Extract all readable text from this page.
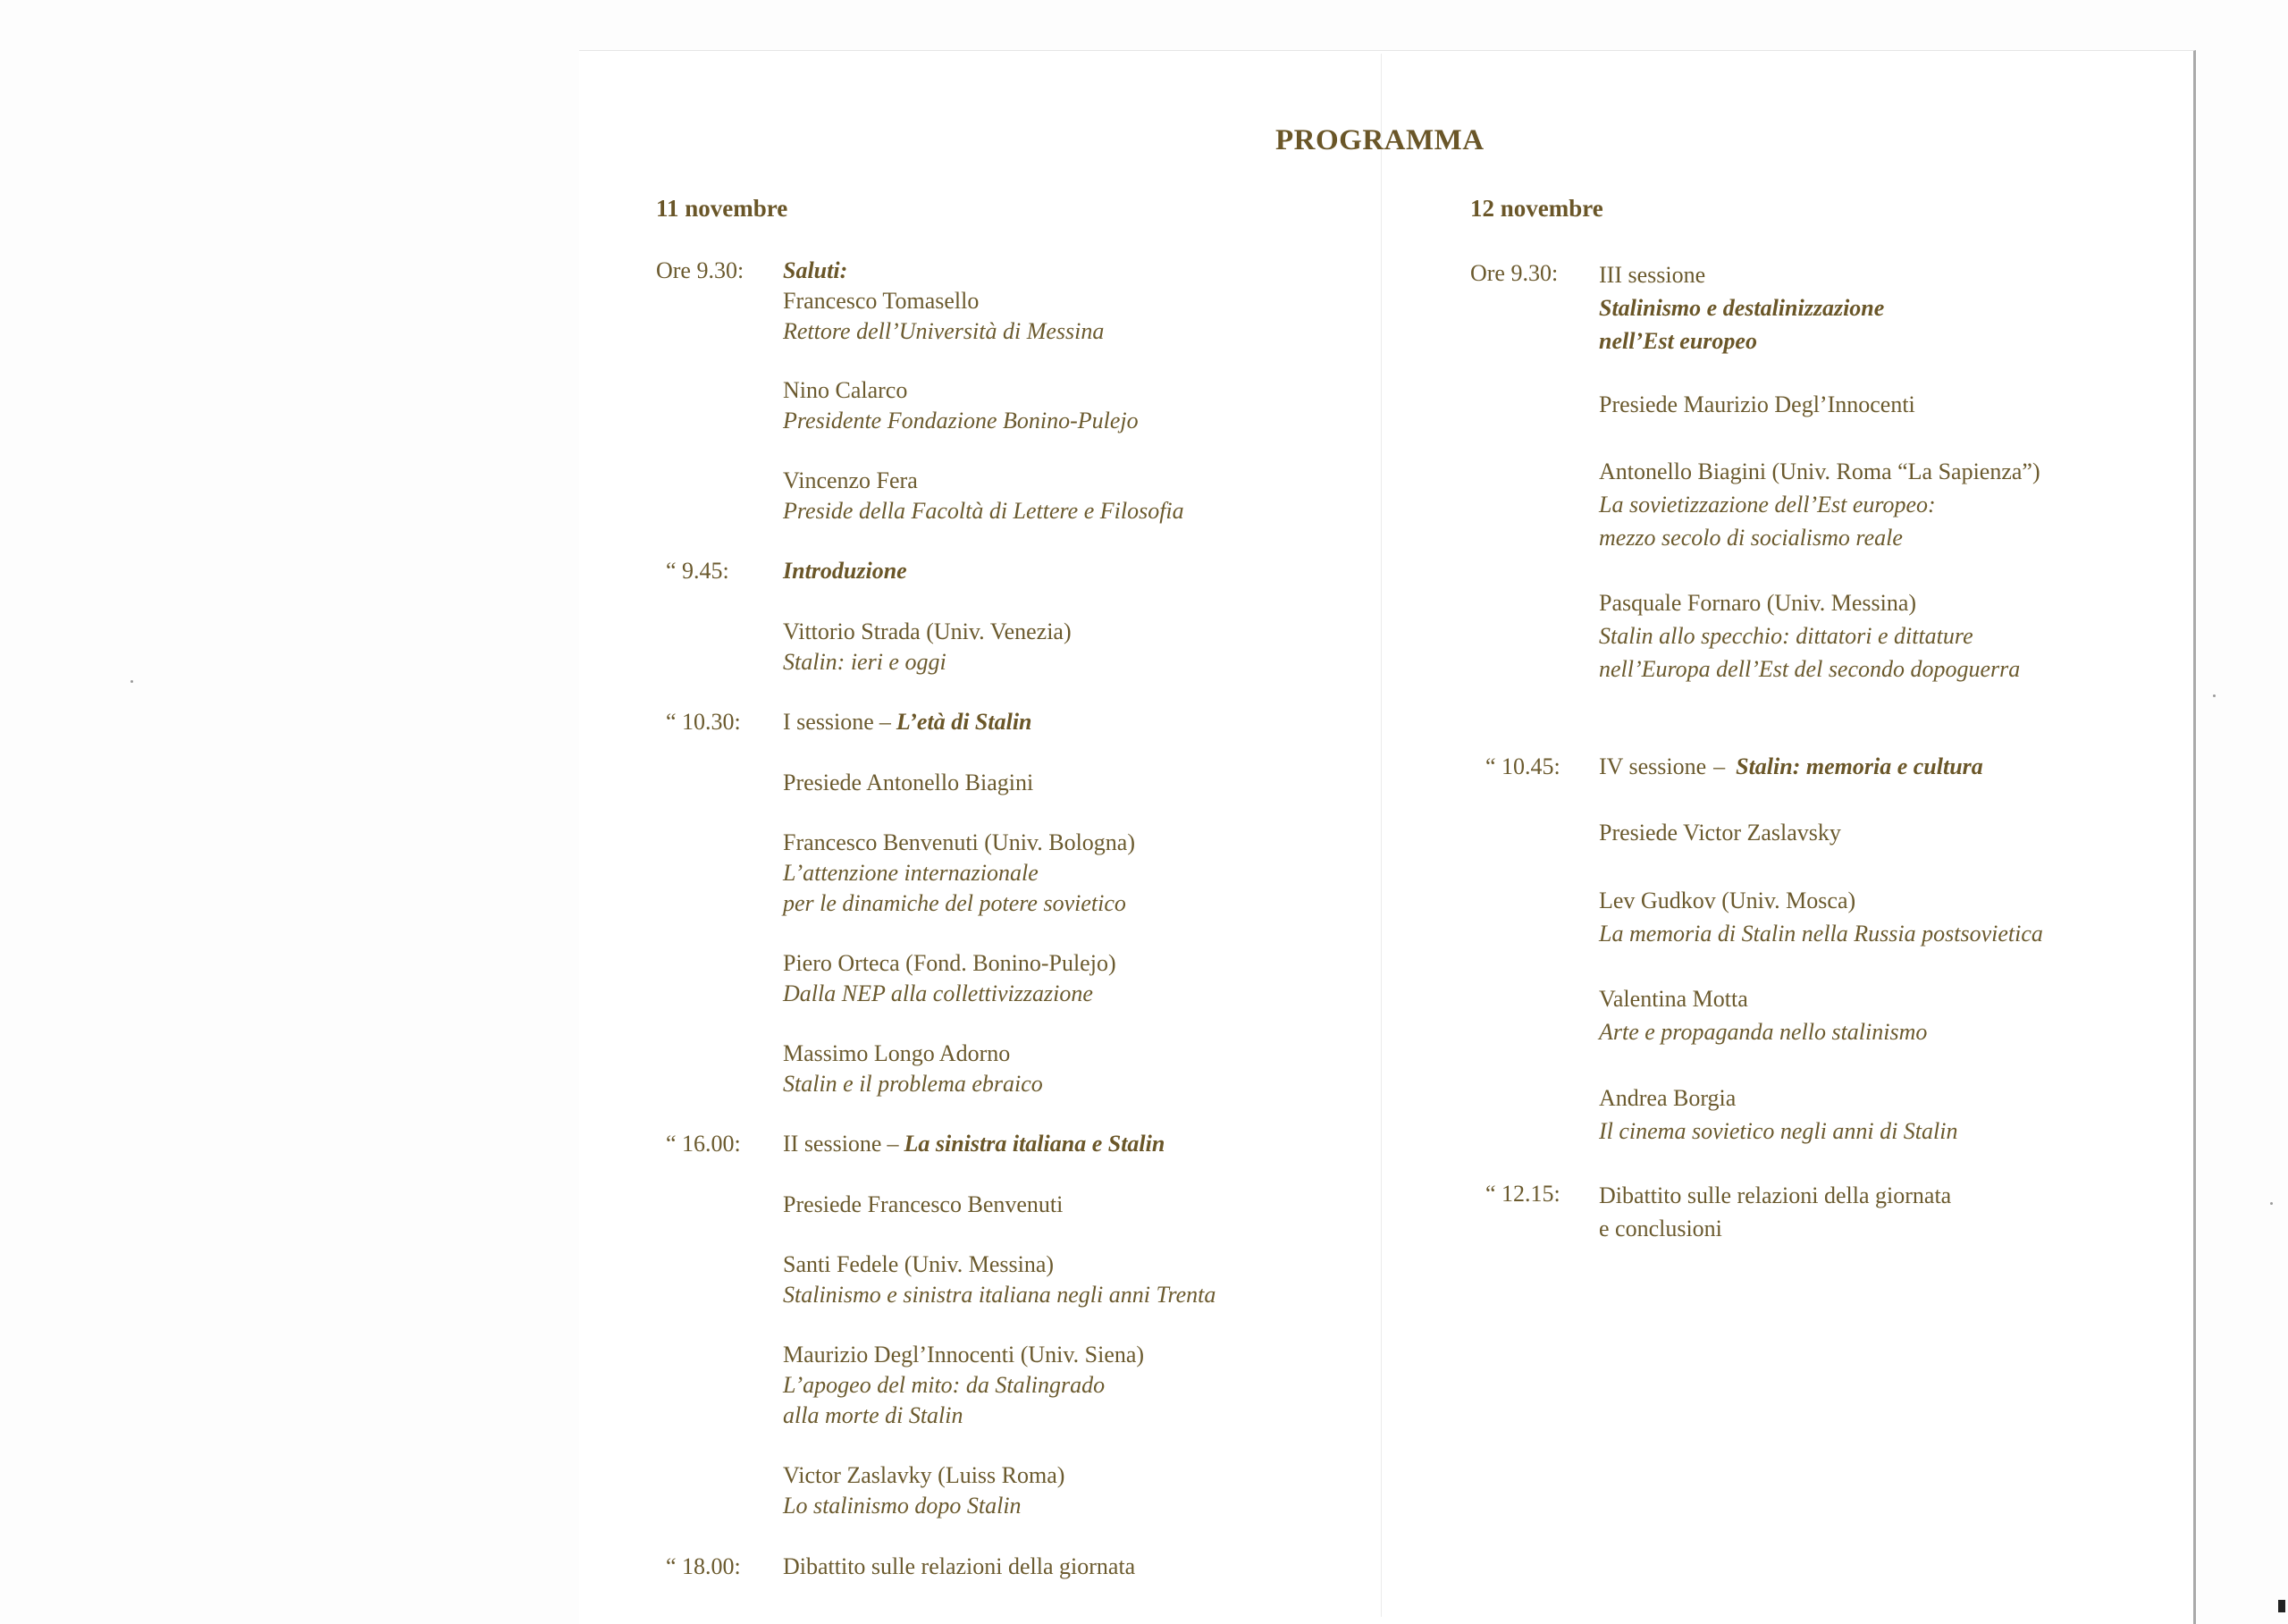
PROGRAMMA
11 novembre
Ore 9.30: Saluti:
Francesco Tomasello
Rettore dell’Università di Messina
Nino Calarco
Presidente Fondazione Bonino-Pulejo
Vincenzo Fera
Preside della Facoltà di Lettere e Filosofia
“ 9.45: Introduzione
Vittorio Strada (Univ. Venezia)
Stalin: ieri e oggi
“ 10.30: I sessione – L’età di Stalin
Presiede Antonello Biagini
Francesco Benvenuti (Univ. Bologna)
L’attenzione internazionale
per le dinamiche del potere sovietico
Piero Orteca (Fond. Bonino-Pulejo)
Dalla NEP alla collettivizzazione
Massimo Longo Adorno
Stalin e il problema ebraico
“ 16.00: II sessione – La sinistra italiana e Stalin
Presiede Francesco Benvenuti
Santi Fedele (Univ. Messina)
Stalinismo e sinistra italiana negli anni Trenta
Maurizio Degl’Innocenti (Univ. Siena)
L’apogeo del mito: da Stalingrado
alla morte di Stalin
Victor Zaslavky (Luiss Roma)
Lo stalinismo dopo Stalin
“ 18.00: Dibattito sulle relazioni della giornata
12 novembre
Ore 9.30: III sessione
Stalinismo e destalinizzazione
nell’Est europeo
Presiede Maurizio Degl’Innocenti
Antonello Biagini (Univ. Roma “La Sapienza”)
La sovietizzazione dell’Est europeo:
mezzo secolo di socialismo reale
Pasquale Fornaro (Univ. Messina)
Stalin allo specchio: dittatori e dittature
nell’Europa dell’Est del secondo dopoguerra
“ 10.45: IV sessione – Stalin: memoria e cultura
Presiede Victor Zaslavsky
Lev Gudkov (Univ. Mosca)
La memoria di Stalin nella Russia postsovietica
Valentina Motta
Arte e propaganda nello stalinismo
Andrea Borgia
Il cinema sovietico negli anni di Stalin
“ 12.15: Dibattito sulle relazioni della giornata
e conclusioni
